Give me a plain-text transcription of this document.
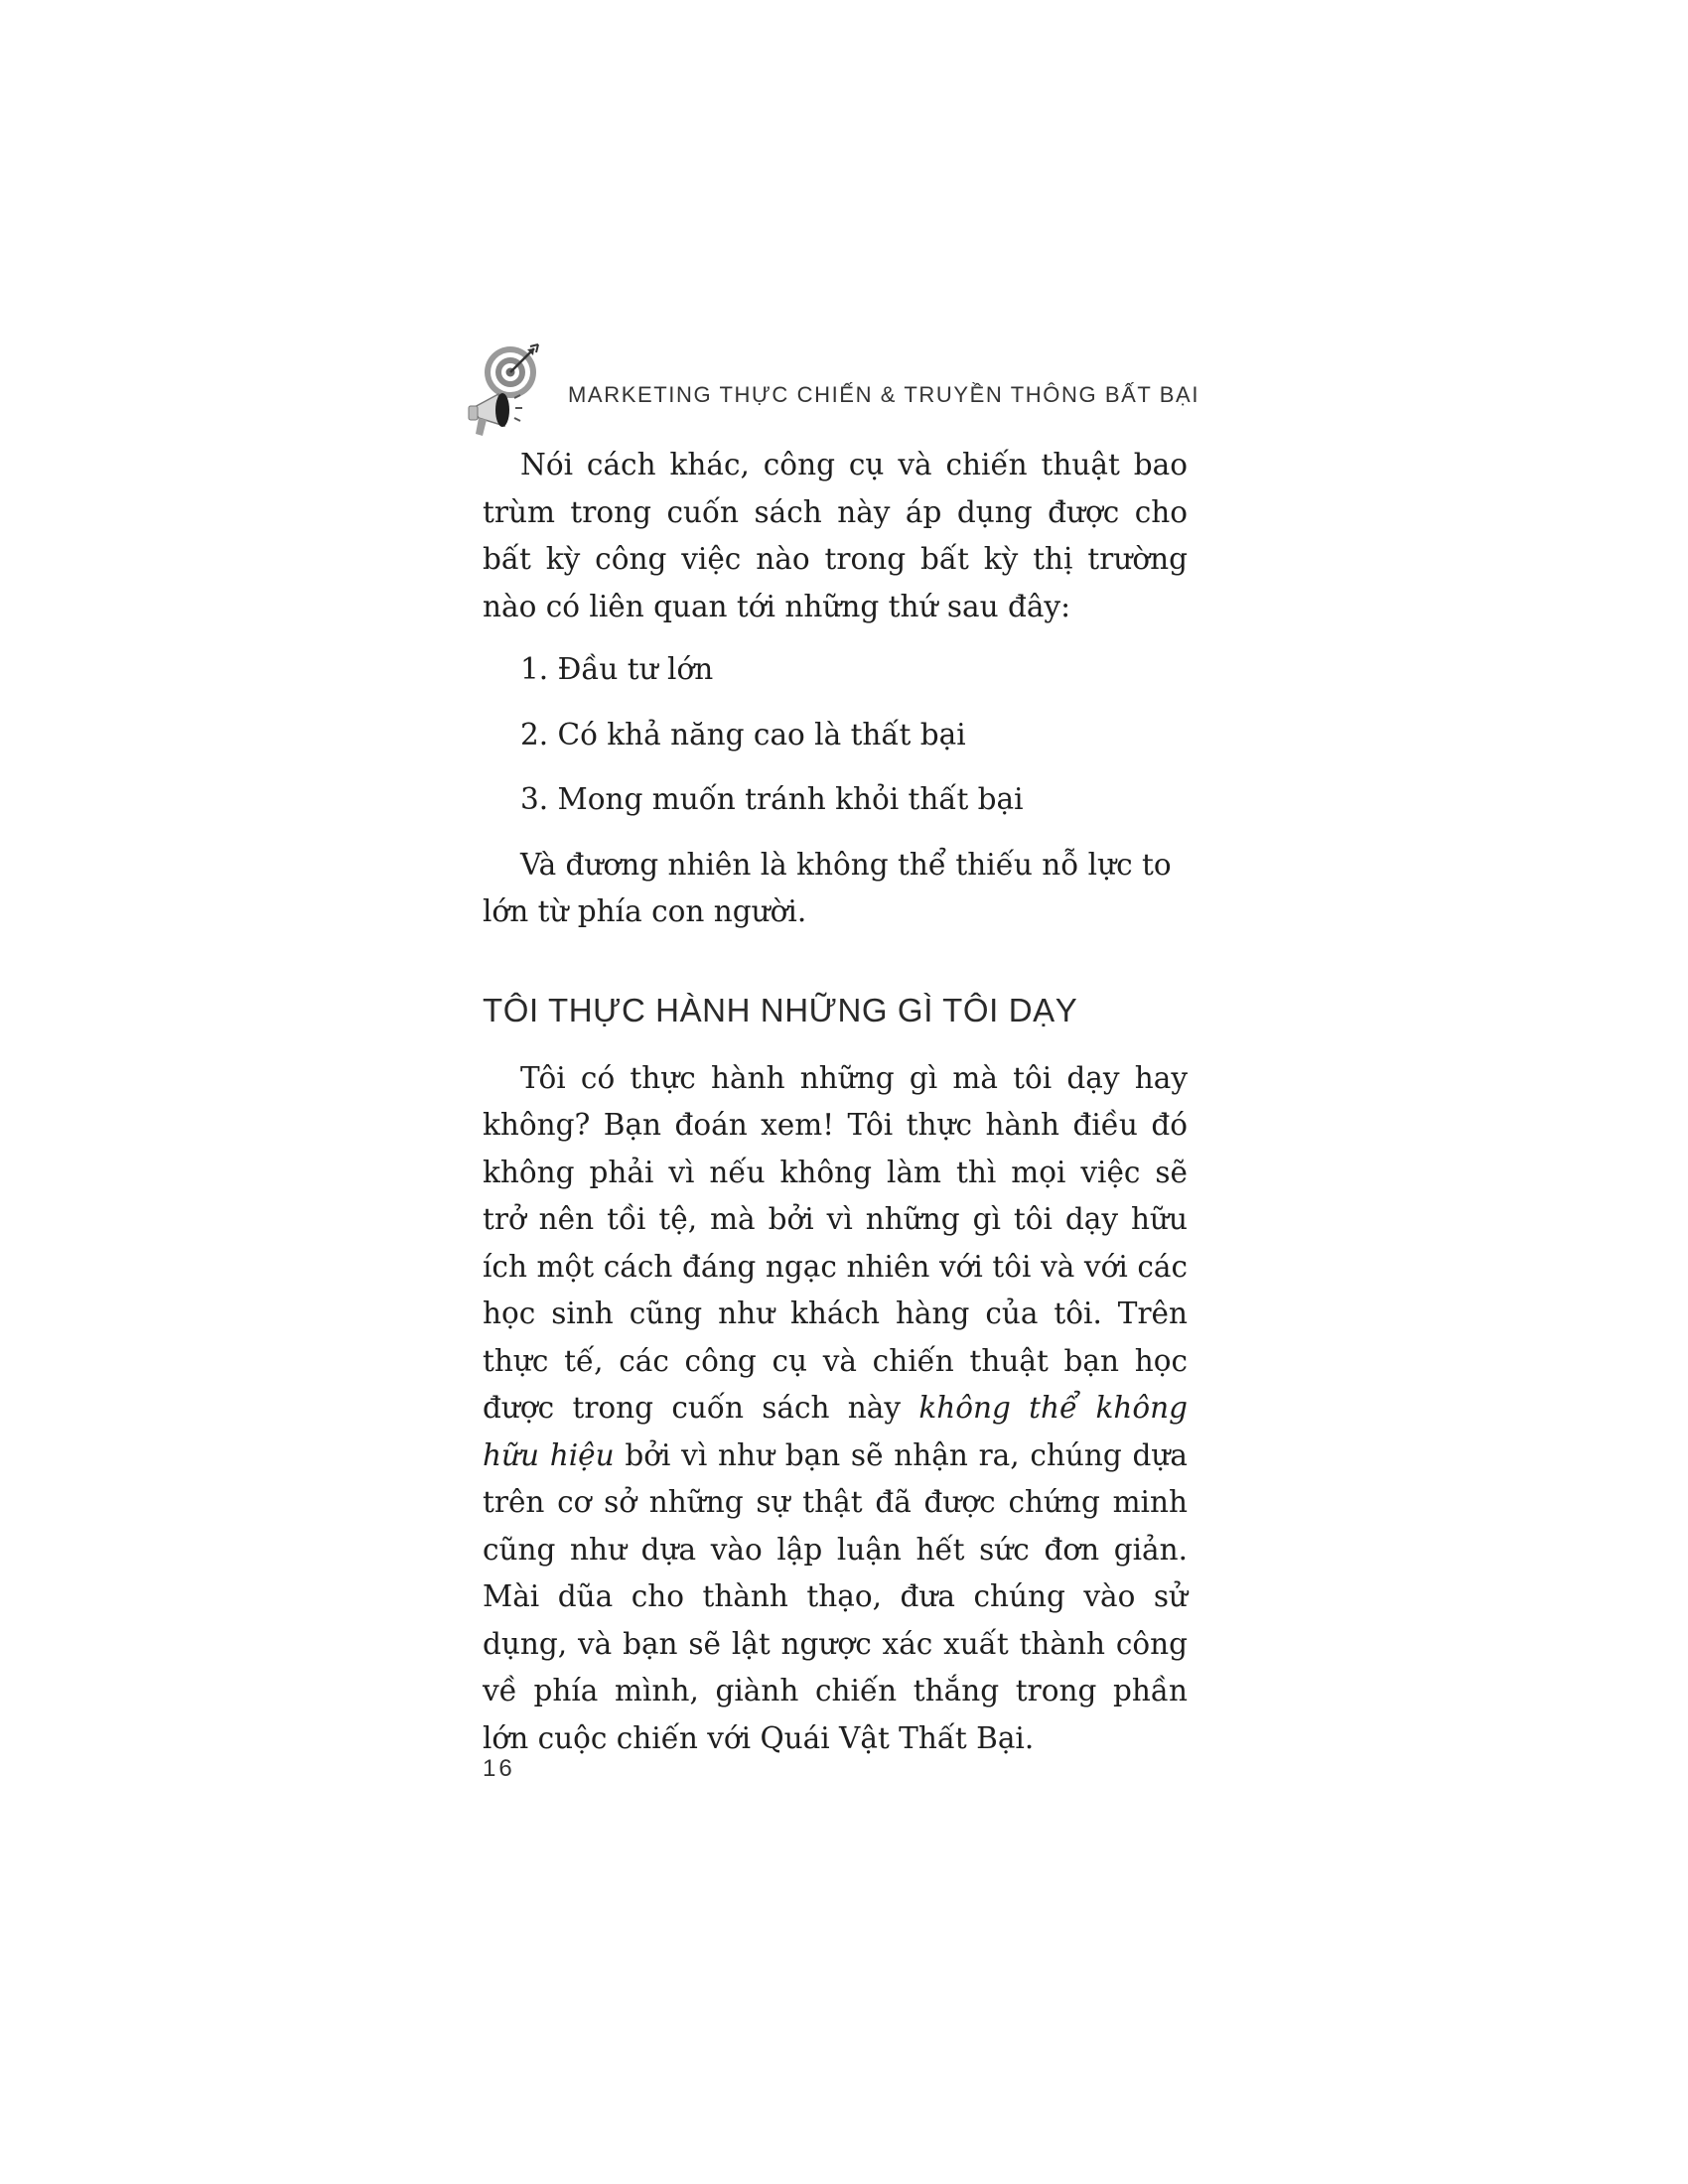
MARKETING THỰC CHIẾN & TRUYỀN THÔNG BẤT BẠI

Nói cách khác, công cụ và chiến thuật bao trùm trong cuốn sách này áp dụng được cho bất kỳ công việc nào trong bất kỳ thị trường nào có liên quan tới những thứ sau đây:

1. Đầu tư lớn
2. Có khả năng cao là thất bại
3. Mong muốn tránh khỏi thất bại

Và đương nhiên là không thể thiếu nỗ lực to lớn từ phía con người.

TÔI THỰC HÀNH NHỮNG GÌ TÔI DẠY

Tôi có thực hành những gì mà tôi dạy hay không? Bạn đoán xem! Tôi thực hành điều đó không phải vì nếu không làm thì mọi việc sẽ trở nên tồi tệ, mà bởi vì những gì tôi dạy hữu ích một cách đáng ngạc nhiên với tôi và với các học sinh cũng như khách hàng của tôi. Trên thực tế, các công cụ và chiến thuật bạn học được trong cuốn sách này không thể không hữu hiệu bởi vì như bạn sẽ nhận ra, chúng dựa trên cơ sở những sự thật đã được chứng minh cũng như dựa vào lập luận hết sức đơn giản. Mài dũa cho thành thạo, đưa chúng vào sử dụng, và bạn sẽ lật ngược xác xuất thành công về phía mình, giành chiến thắng trong phần lớn cuộc chiến với Quái Vật Thất Bại.

16
